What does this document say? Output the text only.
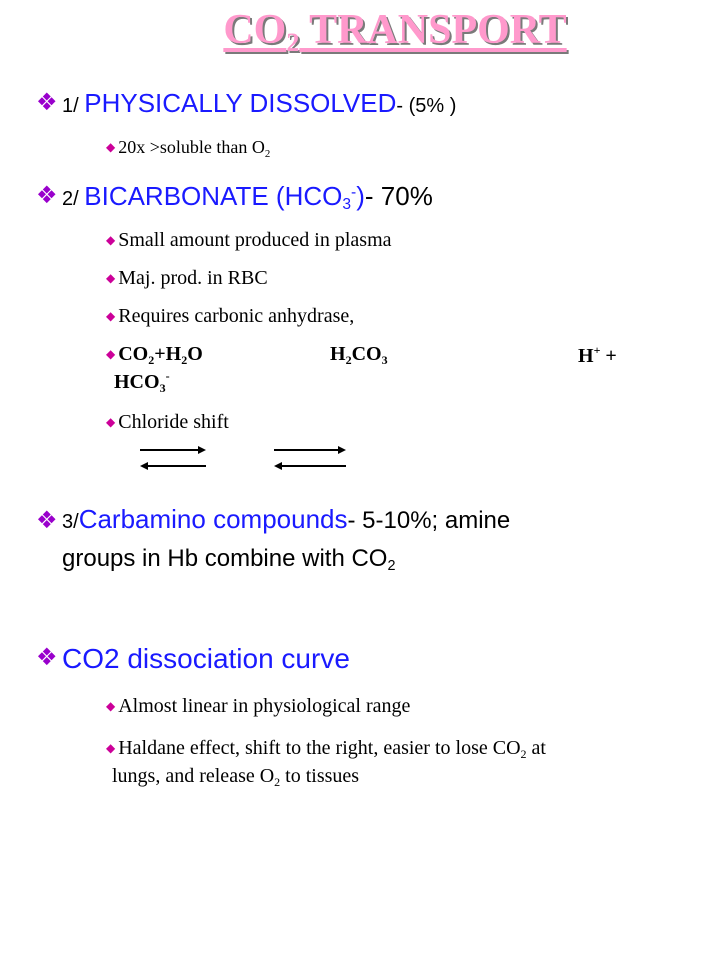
$CO_2$ TRANSPORT
❖ 1/ PHYSICALLY DISSOLVED- (5% )
◆ 20x >soluble than $O_2$
❖ 2/ BICARBONATE $(HCO_3^-)-$ 70%
◆ Small amount produced in plasma
◆ Maj. prod. in RBC
◆ Requires carbonic anhydrase,
◆ $CO_2+H_2O$	$H_2CO_3$	H+ +
$HCO_3^-$
◆ Chloride shift
❖ 3/Carbamino compounds- 5-10%; amine
groups in Hb combine with $CO_2$
❖ CO2 dissociation curve
◆ Almost linear in physiological range
◆ Haldane effect, shift to the right, easier to lose $CO_2$ at
lungs, and release $O_2$ to tissues
